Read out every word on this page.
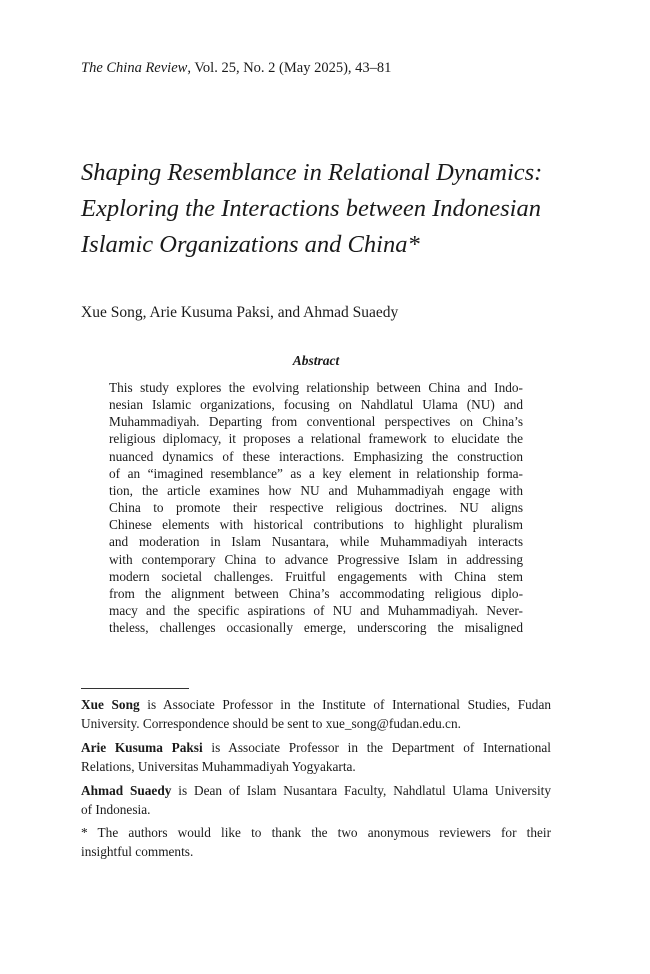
The China Review, Vol. 25, No. 2 (May 2025), 43–81
Shaping Resemblance in Relational Dynamics:
Exploring the Interactions between Indonesian
Islamic Organizations and China*
Xue Song, Arie Kusuma Paksi, and Ahmad Suaedy
Abstract
This study explores the evolving relationship between China and Indo-
nesian Islamic organizations, focusing on Nahdlatul Ulama (NU) and
Muhammadiyah. Departing from conventional perspectives on China’s
religious diplomacy, it proposes a relational framework to elucidate the
nuanced dynamics of these interactions. Emphasizing the construction
of an “imagined resemblance” as a key element in relationship forma-
tion, the article examines how NU and Muhammadiyah engage with
China to promote their respective religious doctrines. NU aligns
Chinese elements with historical contributions to highlight pluralism
and moderation in Islam Nusantara, while Muhammadiyah interacts
with contemporary China to advance Progressive Islam in addressing
modern societal challenges. Fruitful engagements with China stem
from the alignment between China’s accommodating religious diplo-
macy and the specific aspirations of NU and Muhammadiyah. Never-
theless, challenges occasionally emerge, underscoring the misaligned
Xue Song is Associate Professor in the Institute of International Studies, Fudan
University. Correspondence should be sent to xue_song@fudan.edu.cn.
Arie Kusuma Paksi is Associate Professor in the Department of International
Relations, Universitas Muhammadiyah Yogyakarta.
Ahmad Suaedy is Dean of Islam Nusantara Faculty, Nahdlatul Ulama University
of Indonesia.
* The authors would like to thank the two anonymous reviewers for their
insightful comments.
